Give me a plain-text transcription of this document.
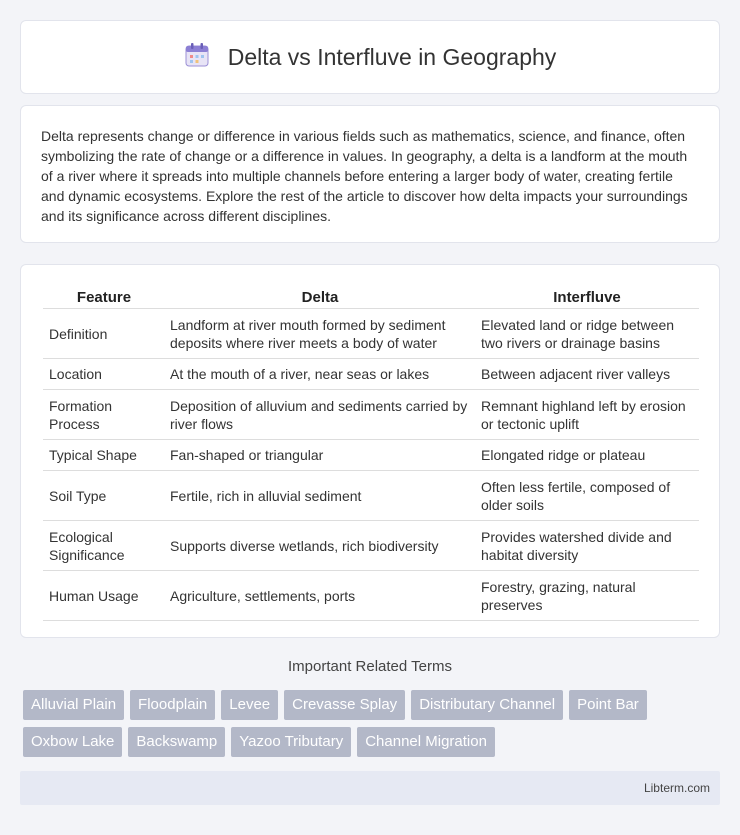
Delta vs Interfluve in Geography

Delta represents change or difference in various fields such as mathematics, science, and finance, often symbolizing the rate of change or a difference in values. In geography, a delta is a landform at the mouth of a river where it spreads into multiple channels before entering a larger body of water, creating fertile and dynamic ecosystems. Explore the rest of the article to discover how delta impacts your surroundings and its significance across different disciplines.

Feature	Delta	Interfluve
Definition	Landform at river mouth formed by sediment deposits where river meets a body of water	Elevated land or ridge between two rivers or drainage basins
Location	At the mouth of a river, near seas or lakes	Between adjacent river valleys
Formation Process	Deposition of alluvium and sediments carried by river flows	Remnant highland left by erosion or tectonic uplift
Typical Shape	Fan-shaped or triangular	Elongated ridge or plateau
Soil Type	Fertile, rich in alluvial sediment	Often less fertile, composed of older soils
Ecological Significance	Supports diverse wetlands, rich biodiversity	Provides watershed divide and habitat diversity
Human Usage	Agriculture, settlements, ports	Forestry, grazing, natural preserves
Important Related Terms
Alluvial Plain	Floodplain	Levee	Crevasse Splay	Distributary Channel	Point Bar
Oxbow Lake	Backswamp	Yazoo Tributary	Channel Migration
Libterm.com
